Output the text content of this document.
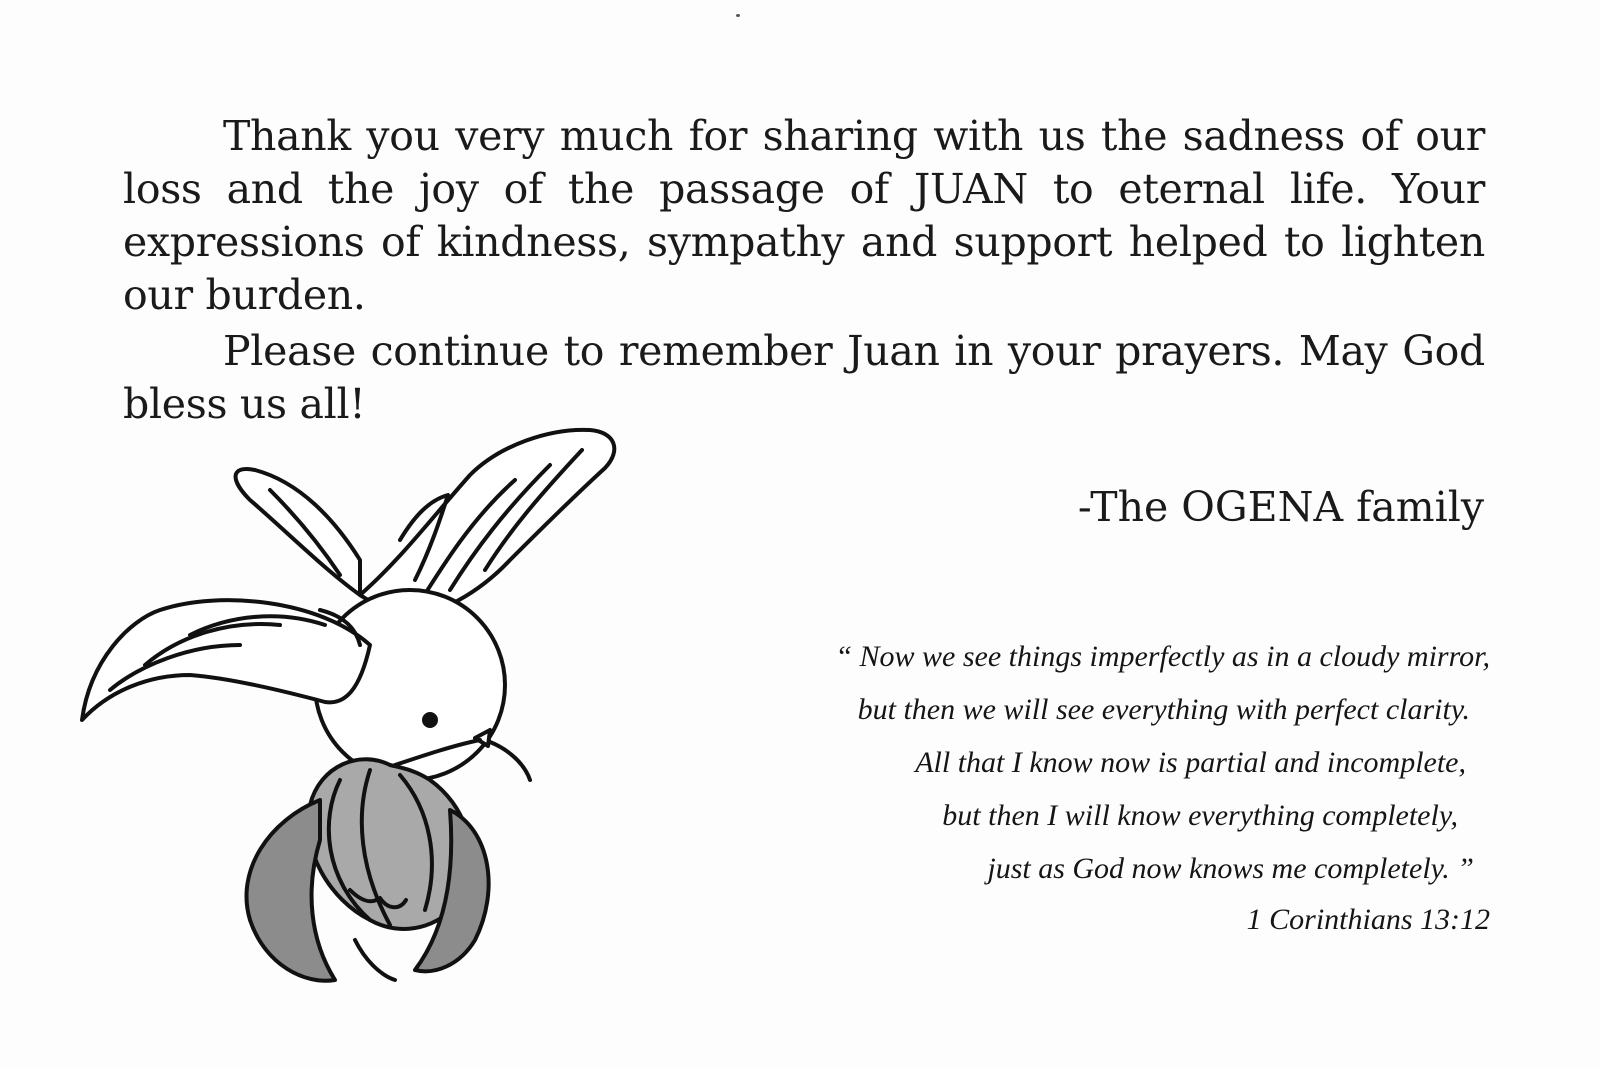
Thank you very much for sharing with us the sadness of our loss and the joy of the passage of JUAN to eternal life. Your expressions of kindness, sympathy and support helped to lighten our burden.

Please continue to remember Juan in your prayers. May God bless us all!

-The OGENA family
“ Now we see things imperfectly as in a cloudy mirror,
but then we will see everything with perfect clarity.
All that I know now is partial and incomplete,
but then I will know everything completely,
just as God now knows me completely. ”
1 Corinthians 13:12
